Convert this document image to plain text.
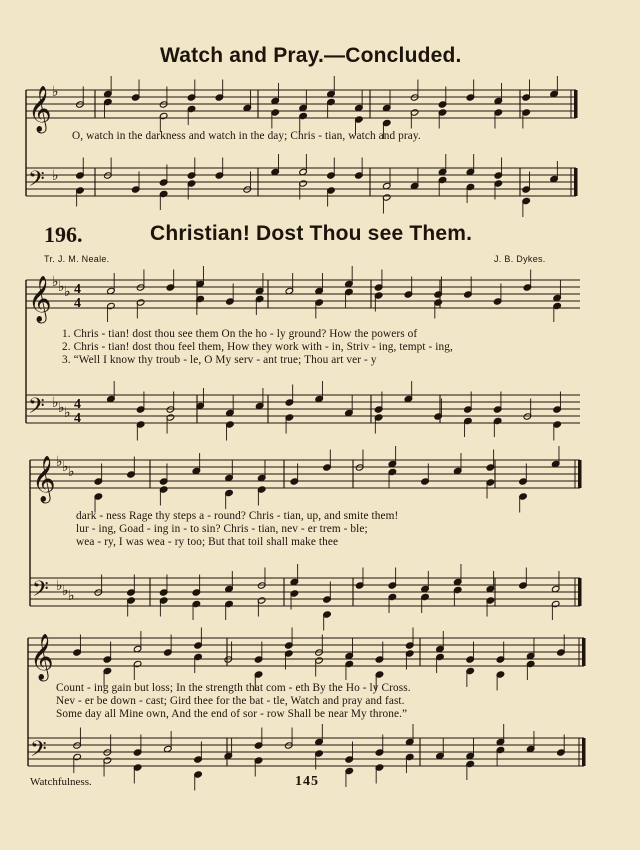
Watch and Pray.—Concluded.
𝄞
𝄢
♭
♭
𝄞
𝄢
♭ ♭ ♭
♭ ♭ ♭
4
4
4
4
𝄞
𝄢
♭ ♭ ♭
♭ ♭ ♭
𝄞
𝄢
O, watch in the darkness and watch in the day; Chris - tian, watch and pray.
196.	Christian! Dost Thou see Them.
Tr. J. M. Neale.	J. B. Dykes.
1. Chris - tian! dost thou see them On the ho - ly ground? How the powers of
2. Chris - tian! dost thou feel them, How they work with - in, Striv - ing, tempt - ing,
3. “Well I know thy troub - le, O My serv - ant true; Thou art ver - y
dark - ness Rage thy steps a - round? Chris - tian, up, and smite them!
lur - ing, Goad - ing in - to sin? Chris - tian, nev - er trem - ble;
wea - ry, I was wea - ry too; But that toil shall make thee
Count - ing gain but loss; In the strength that com - eth By the Ho - ly Cross.
Nev - er be down - cast; Gird thee for the bat - tle, Watch and pray and fast.
Some day all Mine own, And the end of sor - row Shall be near My throne.”
Watchfulness.	145
